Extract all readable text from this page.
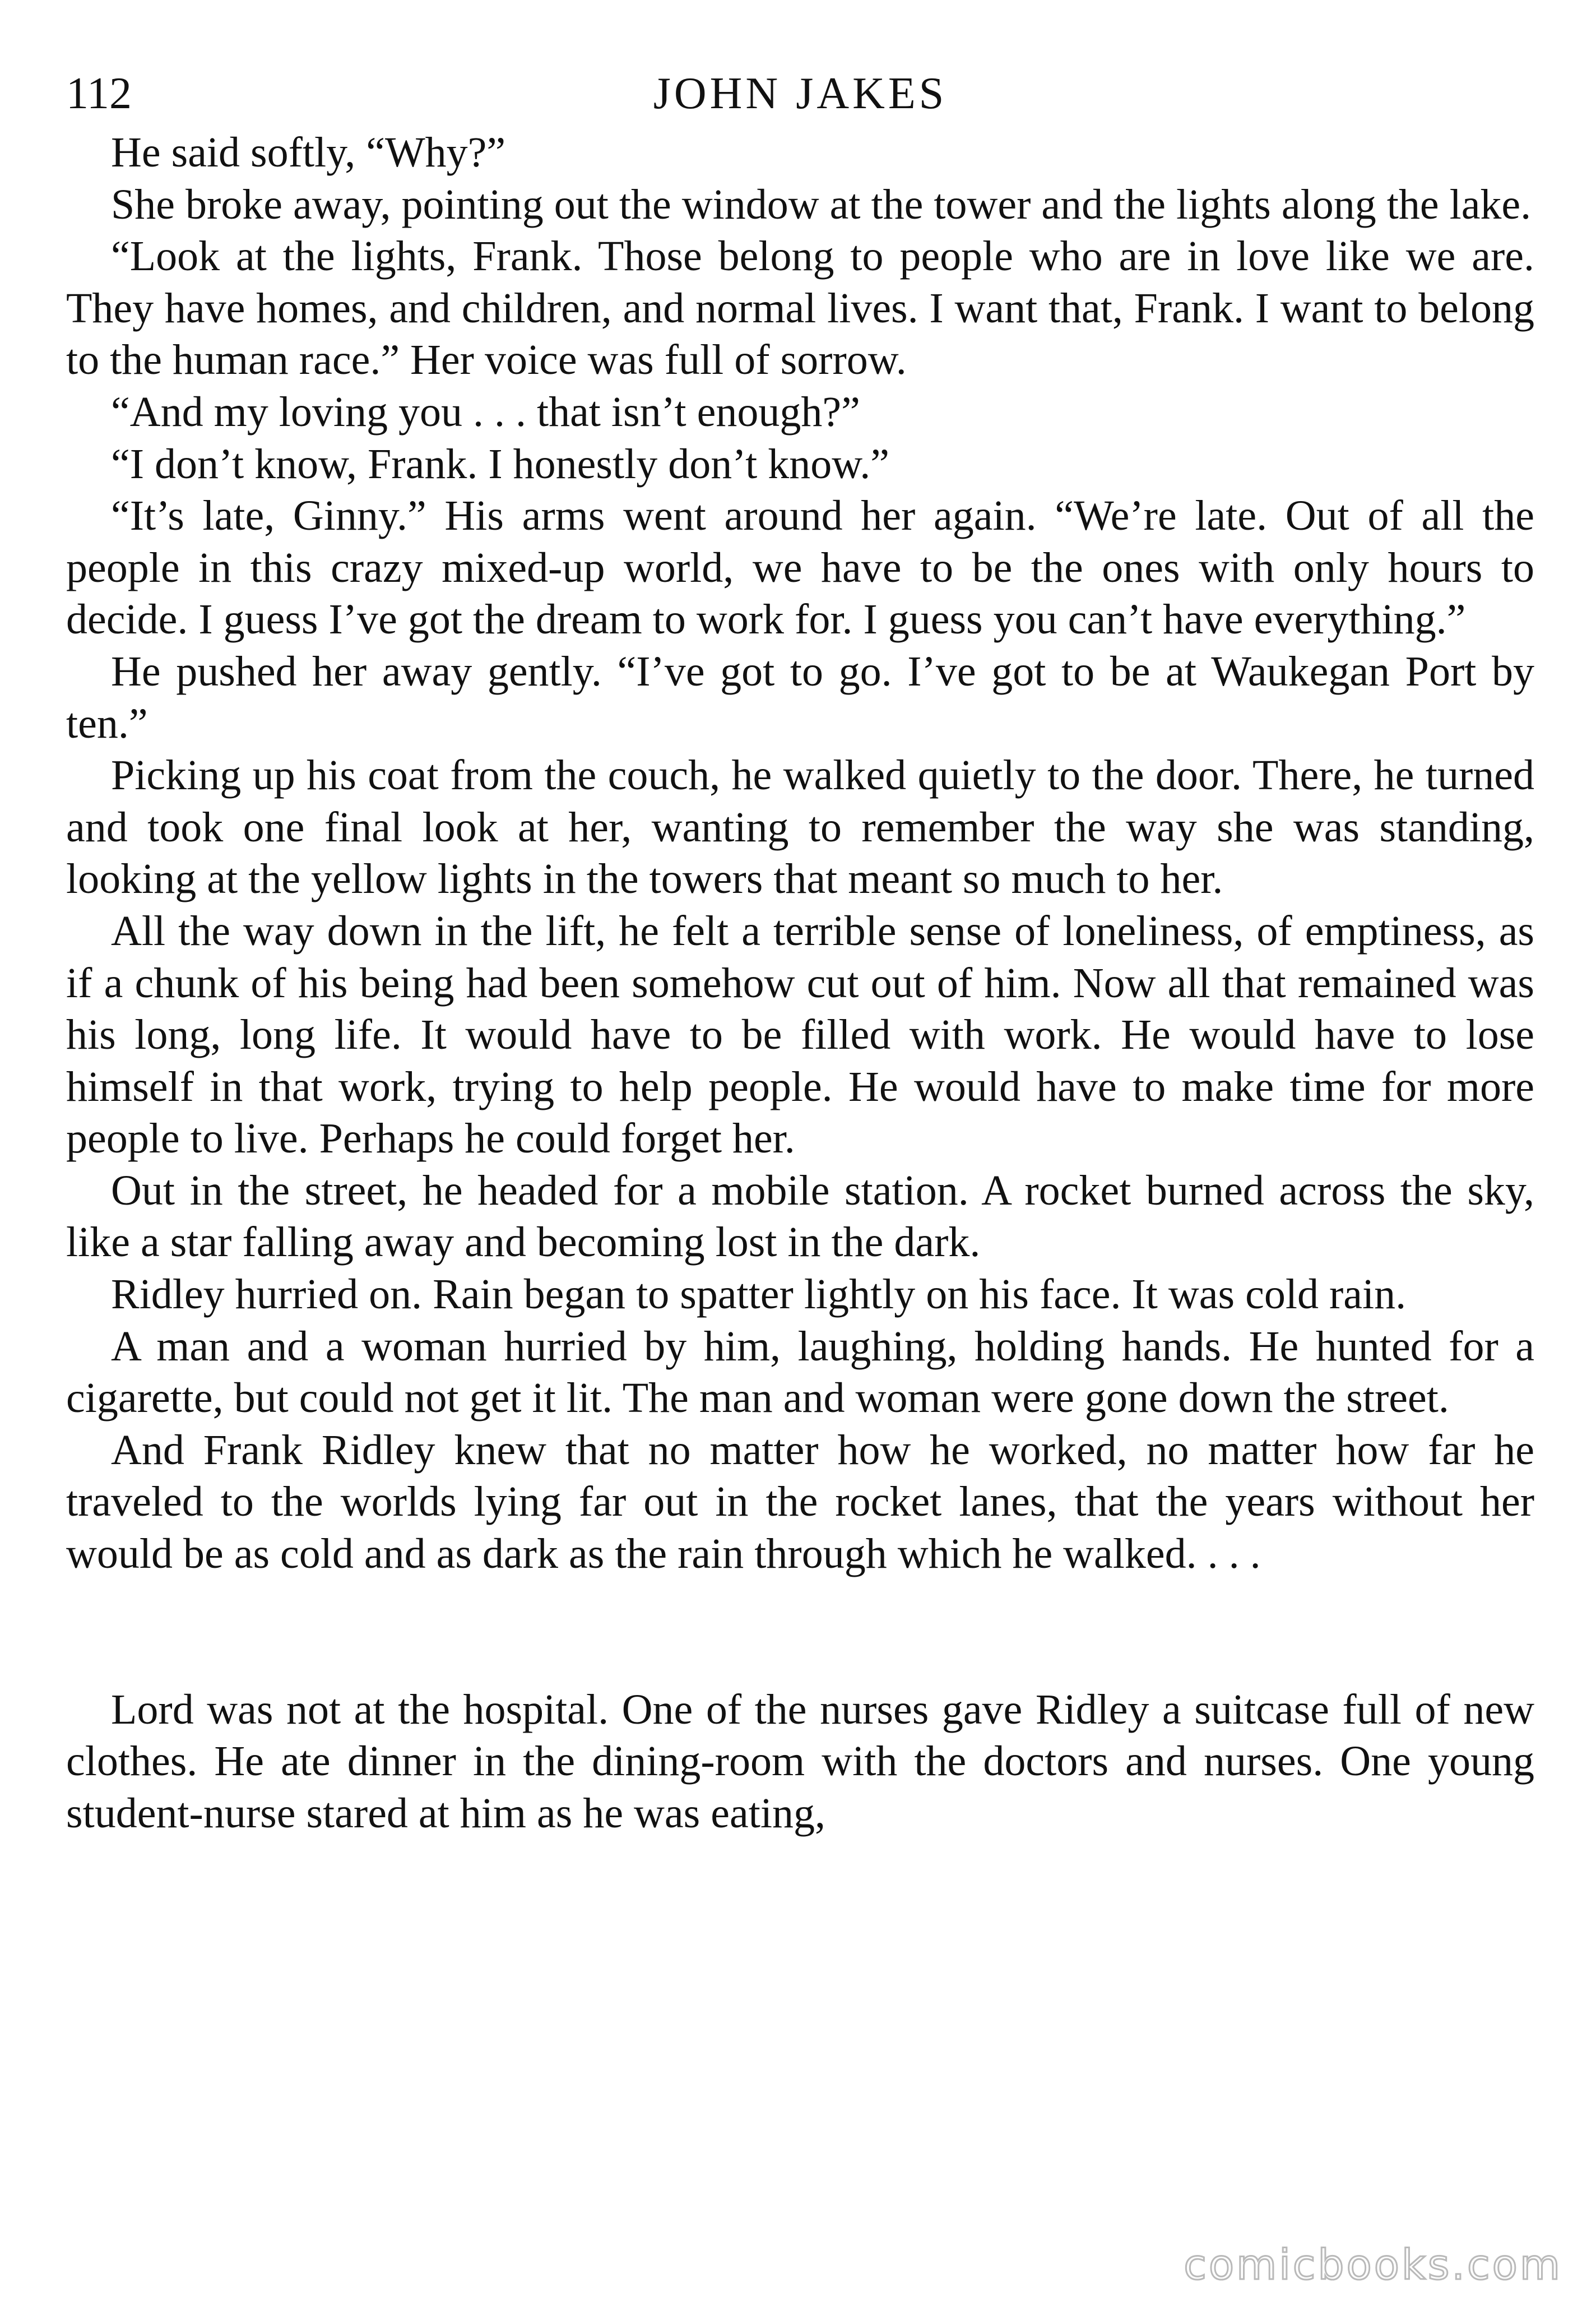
112	JOHN JAKES

He said softly, “Why?”

She broke away, pointing out the window at the tower and the lights along the lake.

“Look at the lights, Frank. Those belong to people who are in love like we are. They have homes, and children, and normal lives. I want that, Frank. I want to belong to the human race.” Her voice was full of sorrow.

“And my loving you . . . that isn’t enough?”

“I don’t know, Frank. I honestly don’t know.”

“It’s late, Ginny.” His arms went around her again. “We’re late. Out of all the people in this crazy mixed-up world, we have to be the ones with only hours to decide. I guess I’ve got the dream to work for. I guess you can’t have everything.”

He pushed her away gently. “I’ve got to go. I’ve got to be at Waukegan Port by ten.”

Picking up his coat from the couch, he walked quietly to the door. There, he turned and took one final look at her, wanting to remember the way she was standing, looking at the yellow lights in the towers that meant so much to her.

All the way down in the lift, he felt a terrible sense of loneliness, of emptiness, as if a chunk of his being had been somehow cut out of him. Now all that remained was his long, long life. It would have to be filled with work. He would have to lose himself in that work, trying to help people. He would have to make time for more people to live. Perhaps he could forget her.

Out in the street, he headed for a mobile station. A rocket burned across the sky, like a star falling away and becoming lost in the dark.

Ridley hurried on. Rain began to spatter lightly on his face. It was cold rain.

A man and a woman hurried by him, laughing, holding hands. He hunted for a cigarette, but could not get it lit. The man and woman were gone down the street.

And Frank Ridley knew that no matter how he worked, no matter how far he traveled to the worlds lying far out in the rocket lanes, that the years without her would be as cold and as dark as the rain through which he walked. . . .

Lord was not at the hospital. One of the nurses gave Ridley a suitcase full of new clothes. He ate dinner in the dining-room with the doctors and nurses. One young student-nurse stared at him as he was eating,

comicbooks.com
